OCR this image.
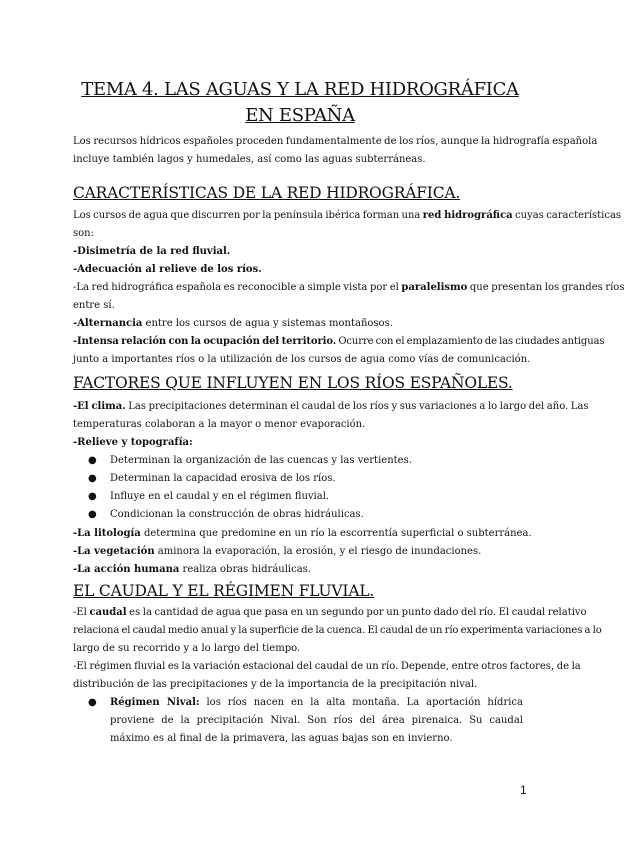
TEMA 4. LAS AGUAS Y LA RED HIDROGRÁFICA
EN ESPAÑA
Los recursos hídricos españoles proceden fundamentalmente de los ríos, aunque la hidrografía española
incluye también lagos y humedales, así como las aguas subterráneas.
CARACTERÍSTICAS DE LA RED HIDROGRÁFICA.
Los cursos de agua que discurren por la península ibérica forman una red hidrográfica cuyas características
son:
-Disimetría de la red fluvial.
-Adecuación al relieve de los ríos.
-La red hidrográfica española es reconocible a simple vista por el paralelismo que presentan los grandes ríos
entre sí.
-Alternancia entre los cursos de agua y sistemas montañosos.
-Intensa relación con la ocupación del territorio. Ocurre con el emplazamiento de las ciudades antiguas
junto a importantes ríos o la utilización de los cursos de agua como vías de comunicación.
FACTORES QUE INFLUYEN EN LOS RÍOS ESPAÑOLES.
-El clima. Las precipitaciones determinan el caudal de los ríos y sus variaciones a lo largo del año. Las
temperaturas colaboran a la mayor o menor evaporación.
-Relieve y topografía:
● Determinan la organización de las cuencas y las vertientes.
● Determinan la capacidad erosiva de los ríos.
● Influye en el caudal y en el régimen fluvial.
● Condicionan la construcción de obras hidráulicas.
-La litología determina que predomine en un río la escorrentía superficial o subterránea.
-La vegetación aminora la evaporación, la erosión, y el riesgo de inundaciones.
-La acción humana realiza obras hidráulicas.
EL CAUDAL Y EL RÉGIMEN FLUVIAL.
-El caudal es la cantidad de agua que pasa en un segundo por un punto dado del río. El caudal relativo
relaciona el caudal medio anual y la superficie de la cuenca. El caudal de un río experimenta variaciones a lo
largo de su recorrido y a lo largo del tiempo.
-El régimen fluvial es la variación estacional del caudal de un río. Depende, entre otros factores, de la
distribución de las precipitaciones y de la importancia de la precipitación nival.
● Régimen Nival: los ríos nacen en la alta montaña. La aportación hídrica proviene de la precipitación Nival. Son ríos del área pirenaica. Su caudal máximo es al final de la primavera, las aguas bajas son en invierno.
1
